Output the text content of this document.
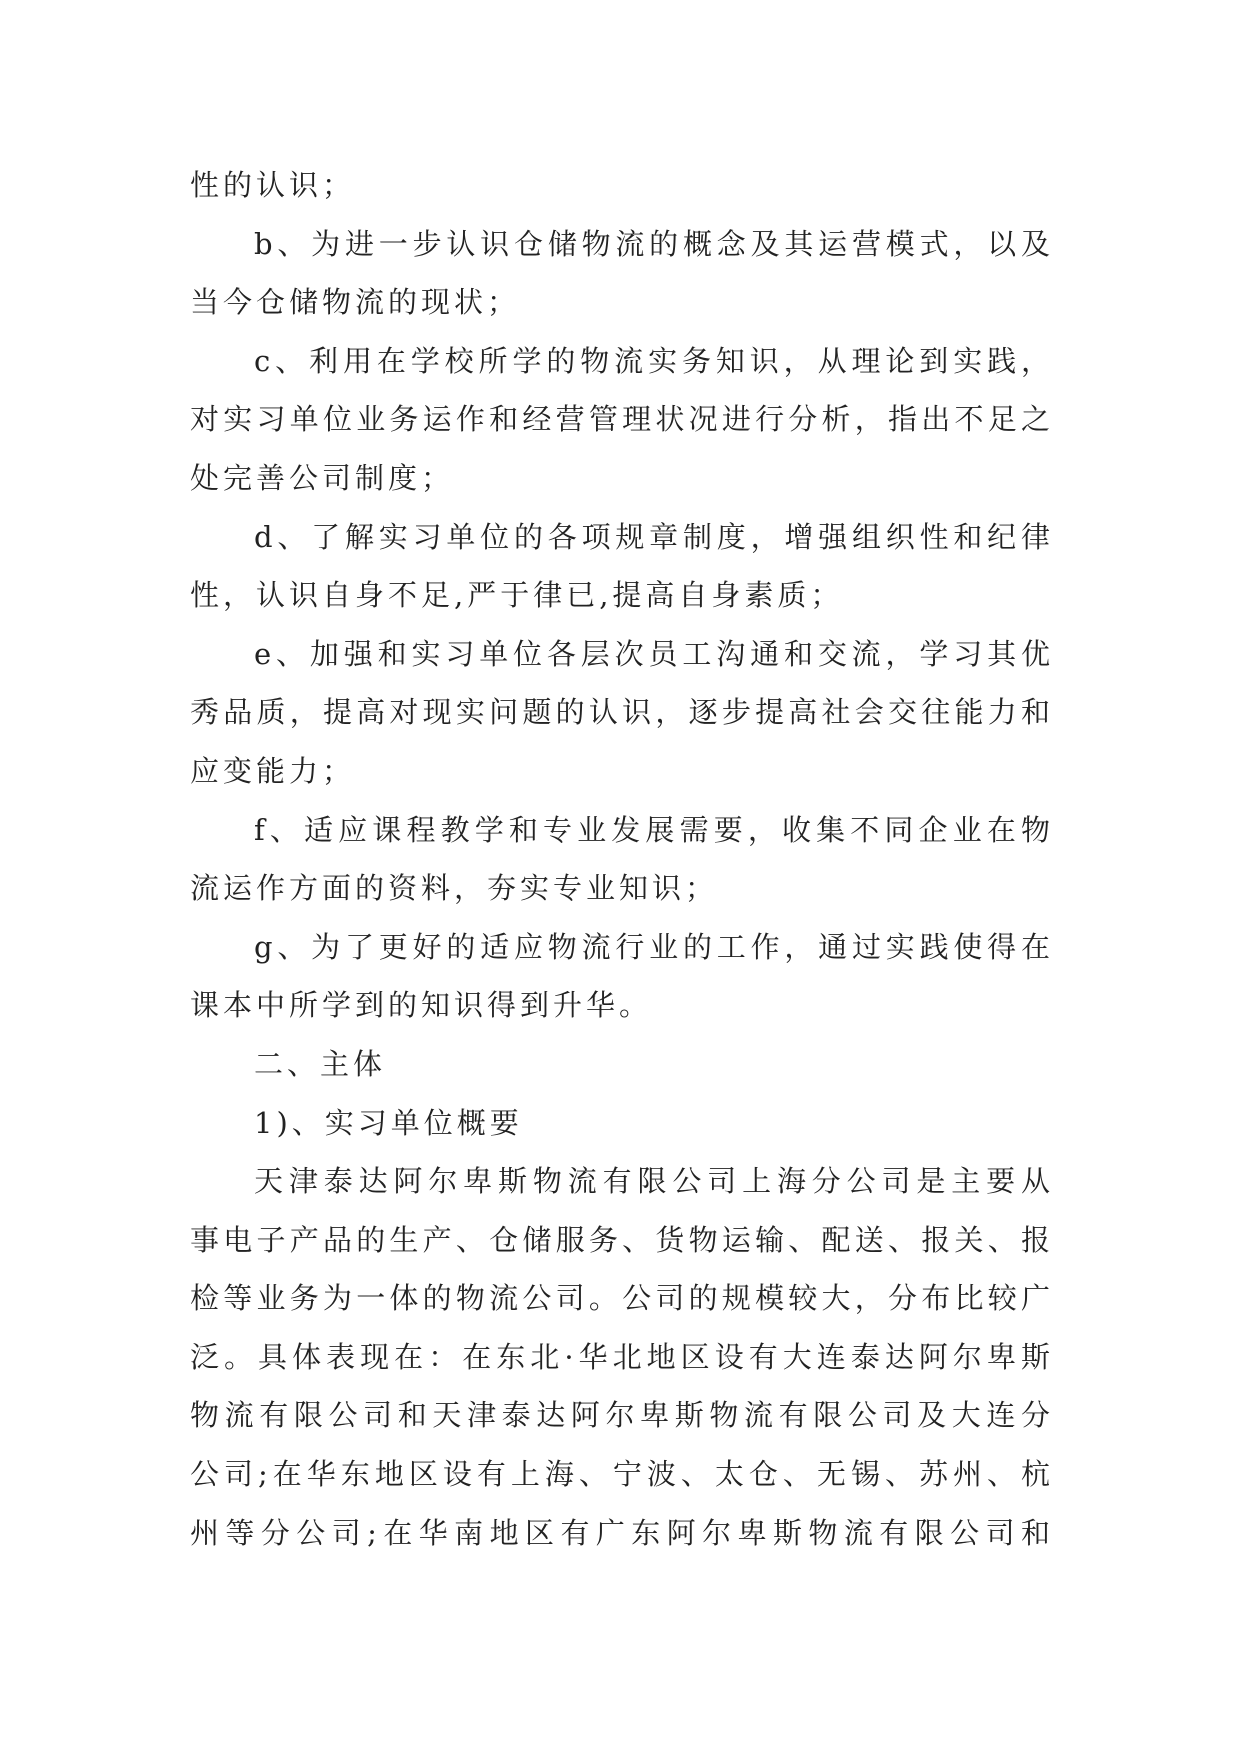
性的认识；
b、为进一步认识仓储物流的概念及其运营模式，以及
当今仓储物流的现状；
c、利用在学校所学的物流实务知识，从理论到实践，
对实习单位业务运作和经营管理状况进行分析，指出不足之
处完善公司制度；
d、了解实习单位的各项规章制度，增强组织性和纪律
性，认识自身不足,严于律已,提高自身素质；
e、加强和实习单位各层次员工沟通和交流，学习其优
秀品质，提高对现实问题的认识，逐步提高社会交往能力和
应变能力；
f、适应课程教学和专业发展需要，收集不同企业在物
流运作方面的资料，夯实专业知识；
g、为了更好的适应物流行业的工作，通过实践使得在
课本中所学到的知识得到升华。
二、主体
1)、实习单位概要
天津泰达阿尔卑斯物流有限公司上海分公司是主要从
事电子产品的生产、仓储服务、货物运输、配送、报关、报
检等业务为一体的物流公司。公司的规模较大，分布比较广
泛。具体表现在：在东北·华北地区设有大连泰达阿尔卑斯
物流有限公司和天津泰达阿尔卑斯物流有限公司及大连分
公司;在华东地区设有上海、宁波、太仓、无锡、苏州、杭
州等分公司;在华南地区有广东阿尔卑斯物流有限公司和
